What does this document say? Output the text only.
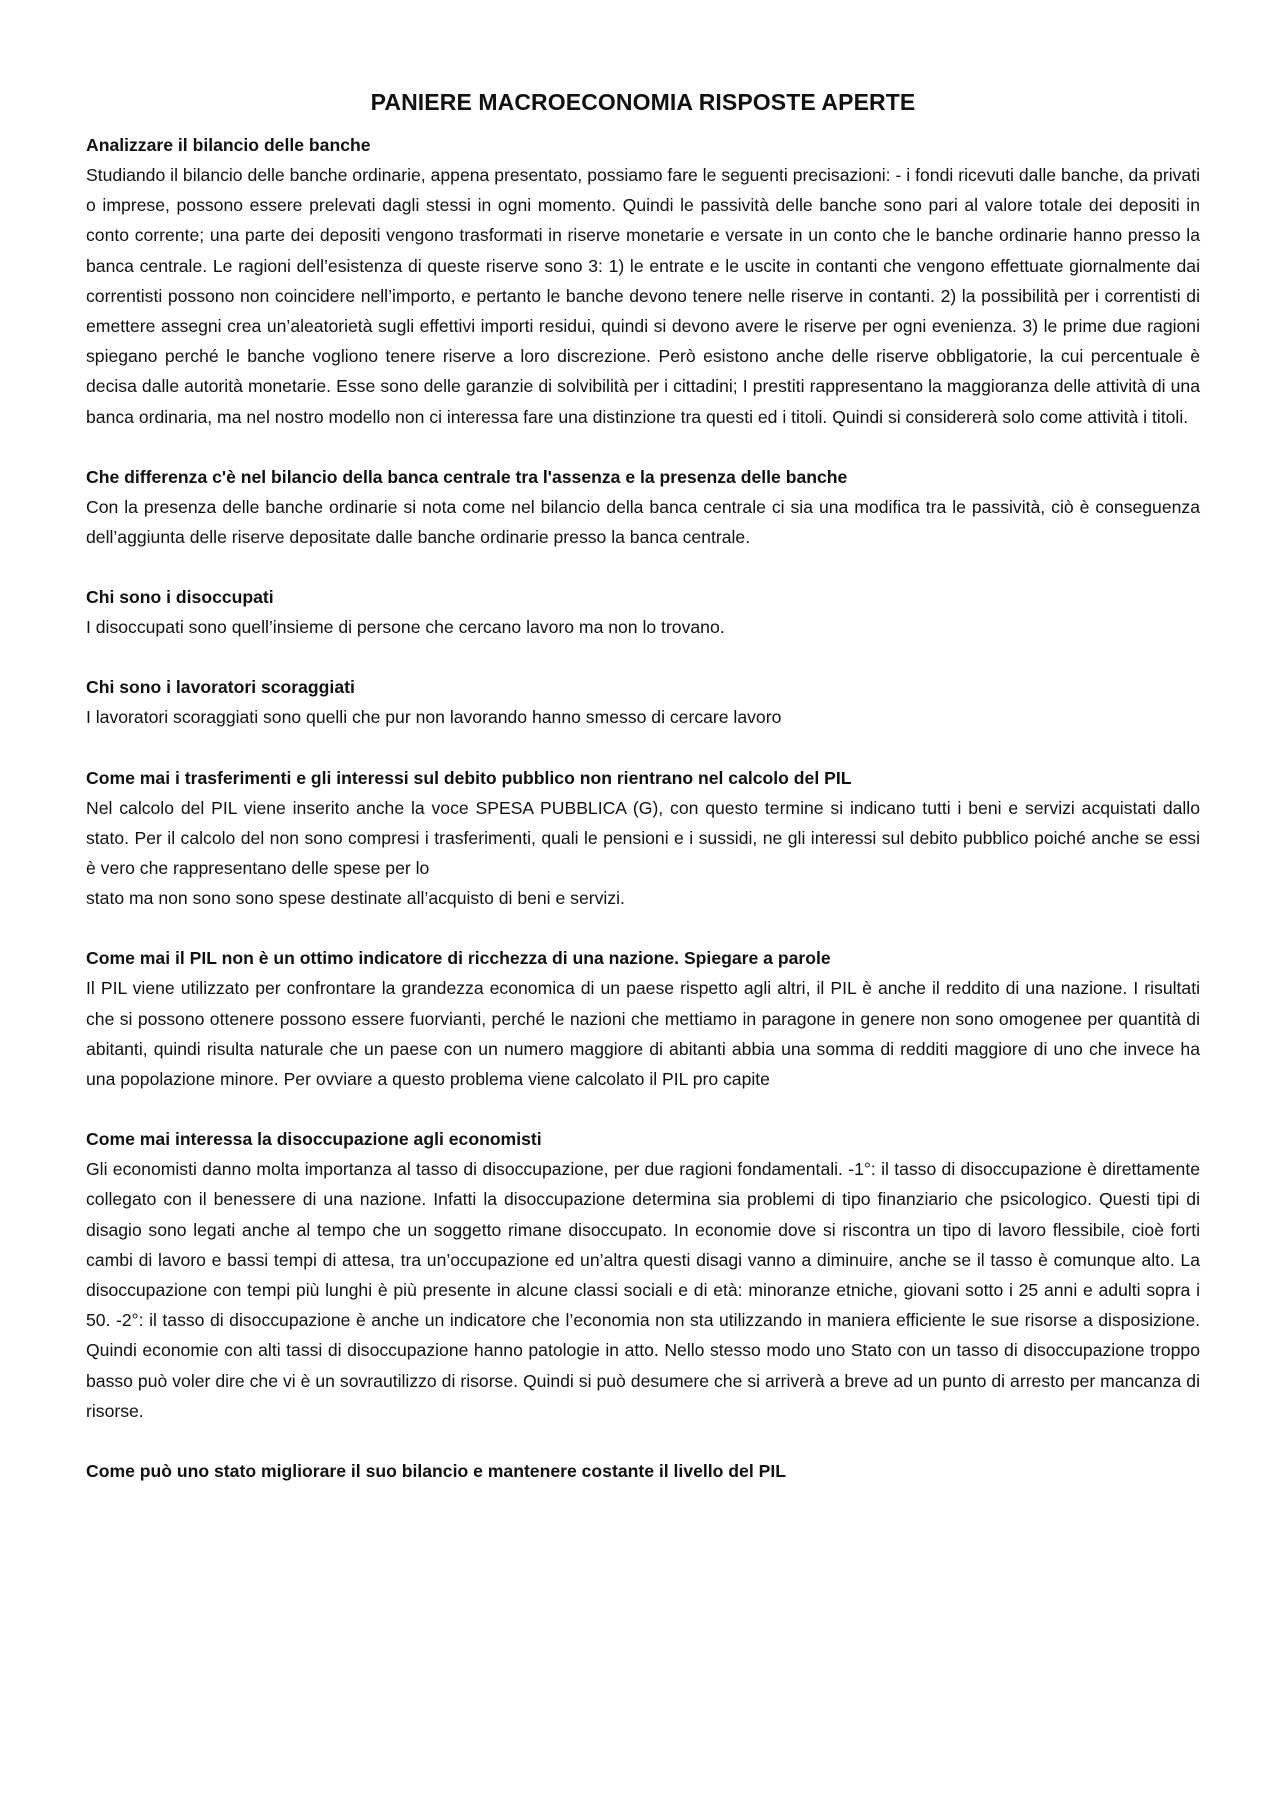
PANIERE MACROECONOMIA RISPOSTE APERTE

Analizzare il bilancio delle banche

Studiando il bilancio delle banche ordinarie, appena presentato, possiamo fare le seguenti precisazioni: - i fondi ricevuti dalle banche, da privati o imprese, possono essere prelevati dagli stessi in ogni momento. Quindi le passività delle banche sono pari al valore totale dei depositi in conto corrente; una parte dei depositi vengono trasformati in riserve monetarie e versate in un conto che le banche ordinarie hanno presso la banca centrale. Le ragioni dell’esistenza di queste riserve sono 3: 1) le entrate e le uscite in contanti che vengono effettuate giornalmente dai correntisti possono non coincidere nell’importo, e pertanto le banche devono tenere nelle riserve in contanti. 2) la possibilità per i correntisti di emettere assegni crea un’aleatorietà sugli effettivi importi residui, quindi si devono avere le riserve per ogni evenienza. 3) le prime due ragioni spiegano perché le banche vogliono tenere riserve a loro discrezione. Però esistono anche delle riserve obbligatorie, la cui percentuale è decisa dalle autorità monetarie. Esse sono delle garanzie di solvibilità per i cittadini; I prestiti rappresentano la maggioranza delle attività di una banca ordinaria, ma nel nostro modello non ci interessa fare una distinzione tra questi ed i titoli. Quindi si considererà solo come attività i titoli.

Che differenza c'è nel bilancio della banca centrale tra l'assenza e la presenza delle banche

Con la presenza delle banche ordinarie si nota come nel bilancio della banca centrale ci sia una modifica tra le passività, ciò è conseguenza dell’aggiunta delle riserve depositate dalle banche ordinarie presso la banca centrale.

Chi sono i disoccupati

I disoccupati sono quell’insieme di persone che cercano lavoro ma non lo trovano.

Chi sono i lavoratori scoraggiati

I lavoratori scoraggiati sono quelli che pur non lavorando hanno smesso di cercare lavoro

Come mai i trasferimenti e gli interessi sul debito pubblico non rientrano nel calcolo del PIL

Nel calcolo del PIL viene inserito anche la voce SPESA PUBBLICA (G), con questo termine si indicano tutti i beni e servizi acquistati dallo stato. Per il calcolo del non sono compresi i trasferimenti, quali le pensioni e i sussidi, ne gli interessi sul debito pubblico poiché anche se essi è vero che rappresentano delle spese per lo
stato ma non sono sono spese destinate all’acquisto di beni e servizi.

Come mai il PIL non è un ottimo indicatore di ricchezza di una nazione. Spiegare a parole

Il PIL viene utilizzato per confrontare la grandezza economica di un paese rispetto agli altri, il PIL è anche il reddito di una nazione. I risultati che si possono ottenere possono essere fuorvianti, perché le nazioni che mettiamo in paragone in genere non sono omogenee per quantità di abitanti, quindi risulta naturale che un paese con un numero maggiore di abitanti abbia una somma di redditi maggiore di uno che invece ha una popolazione minore. Per ovviare a questo problema viene calcolato il PIL pro capite

Come mai interessa la disoccupazione agli economisti

Gli economisti danno molta importanza al tasso di disoccupazione, per due ragioni fondamentali. -1°: il tasso di disoccupazione è direttamente collegato con il benessere di una nazione. Infatti la disoccupazione determina sia problemi di tipo finanziario che psicologico. Questi tipi di disagio sono legati anche al tempo che un soggetto rimane disoccupato. In economie dove si riscontra un tipo di lavoro flessibile, cioè forti cambi di lavoro e bassi tempi di attesa, tra un’occupazione ed un’altra questi disagi vanno a diminuire, anche se il tasso è comunque alto. La disoccupazione con tempi più lunghi è più presente in alcune classi sociali e di età: minoranze etniche, giovani sotto i 25 anni e adulti sopra i 50. -2°: il tasso di disoccupazione è anche un indicatore che l’economia non sta utilizzando in maniera efficiente le sue risorse a disposizione. Quindi economie con alti tassi di disoccupazione hanno patologie in atto. Nello stesso modo uno Stato con un tasso di disoccupazione troppo basso può voler dire che vi è un sovrautilizzo di risorse. Quindi si può desumere che si arriverà a breve ad un punto di arresto per mancanza di risorse.

Come può uno stato migliorare il suo bilancio e mantenere costante il livello del PIL
